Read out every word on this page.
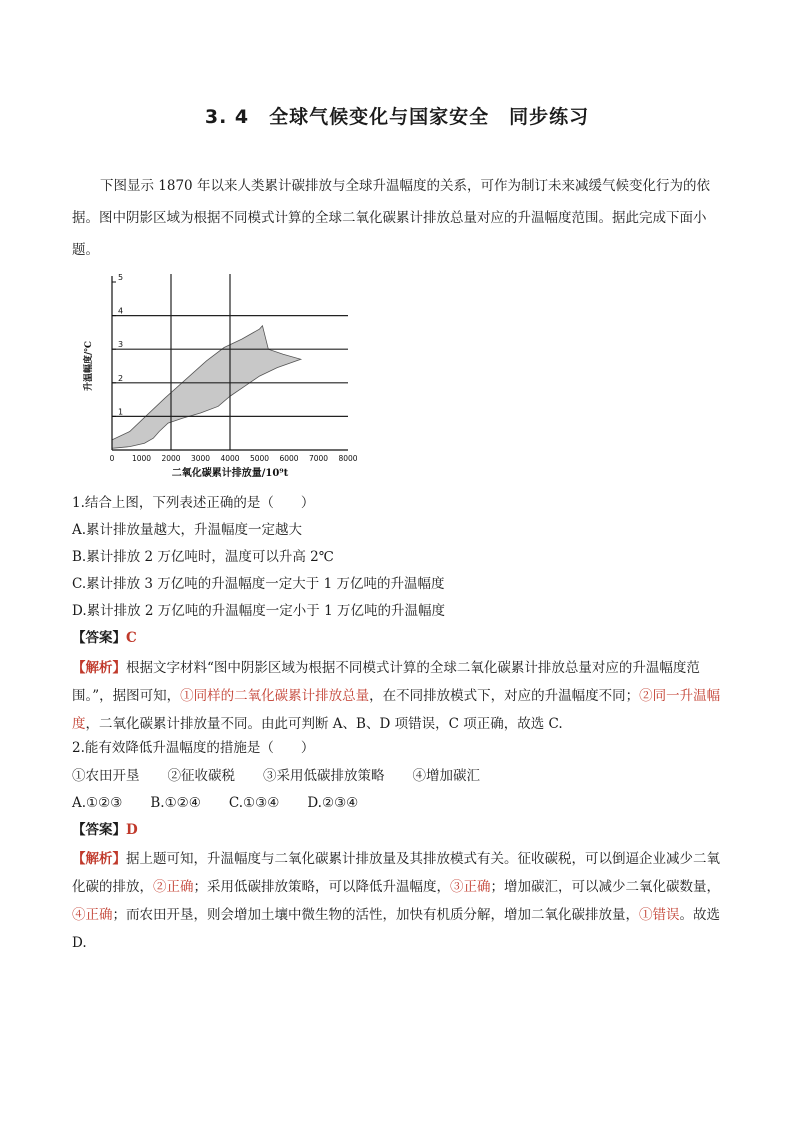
3. 4　全球气候变化与国家安全　同步练习
下图显示 1870 年以来人类累计碳排放与全球升温幅度的关系，可作为制订未来减缓气候变化行为的依据。图中阴影区域为根据不同模式计算的全球二氧化碳累计排放总量对应的升温幅度范围。据此完成下面小题。
1
2
3
4
5
0 1000 2000 3000 4000 5000 6000 7000 8000
二氧化碳累计排放量/10⁹t
升温幅度/℃
1.结合上图，下列表述正确的是（　　）
A.累计排放量越大，升温幅度一定越大
B.累计排放 2 万亿吨时，温度可以升高 2℃
C.累计排放 3 万亿吨的升温幅度一定大于 1 万亿吨的升温幅度
D.累计排放 2 万亿吨的升温幅度一定小于 1 万亿吨的升温幅度
【答案】C
【解析】根据文字材料“图中阴影区域为根据不同模式计算的全球二氧化碳累计排放总量对应的升温幅度范围。”，据图可知，①同样的二氧化碳累计排放总量，在不同排放模式下，对应的升温幅度不同；②同一升温幅度，二氧化碳累计排放量不同。由此可判断 A、B、D 项错误，C 项正确，故选 C.
2.能有效降低升温幅度的措施是（　　）
①农田开垦 ②征收碳税 ③采用低碳排放策略 ④增加碳汇
A.①②③ B.①②④ C.①③④ D.②③④
【答案】D
【解析】据上题可知，升温幅度与二氧化碳累计排放量及其排放模式有关。征收碳税，可以倒逼企业减少二氧化碳的排放，②正确；采用低碳排放策略，可以降低升温幅度，③正确；增加碳汇，可以减少二氧化碳数量，④正确；而农田开垦，则会增加土壤中微生物的活性，加快有机质分解，增加二氧化碳排放量，①错误。故选 D.
